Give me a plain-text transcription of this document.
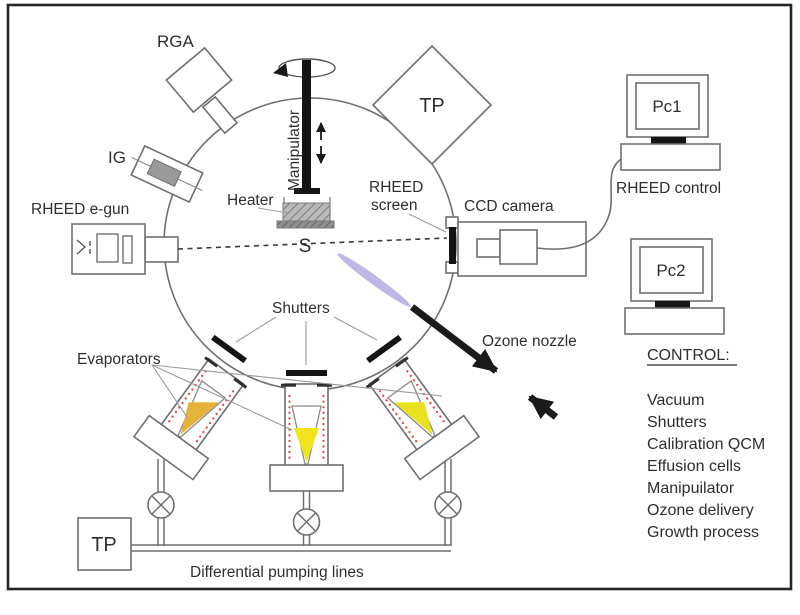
RGA
IG
RHEED e-gun
Manipulator
Heater
S
TP
RHEED
screen	CCD camera
Pc1
RHEED control
Pc2
CONTROL:
Vacuum
Shutters
Calibration QCM
Effusion cells
Manipuilator
Ozone delivery
Growth process
Shutters
Evaporators
Ozone nozzle
TP
Differential pumping lines
